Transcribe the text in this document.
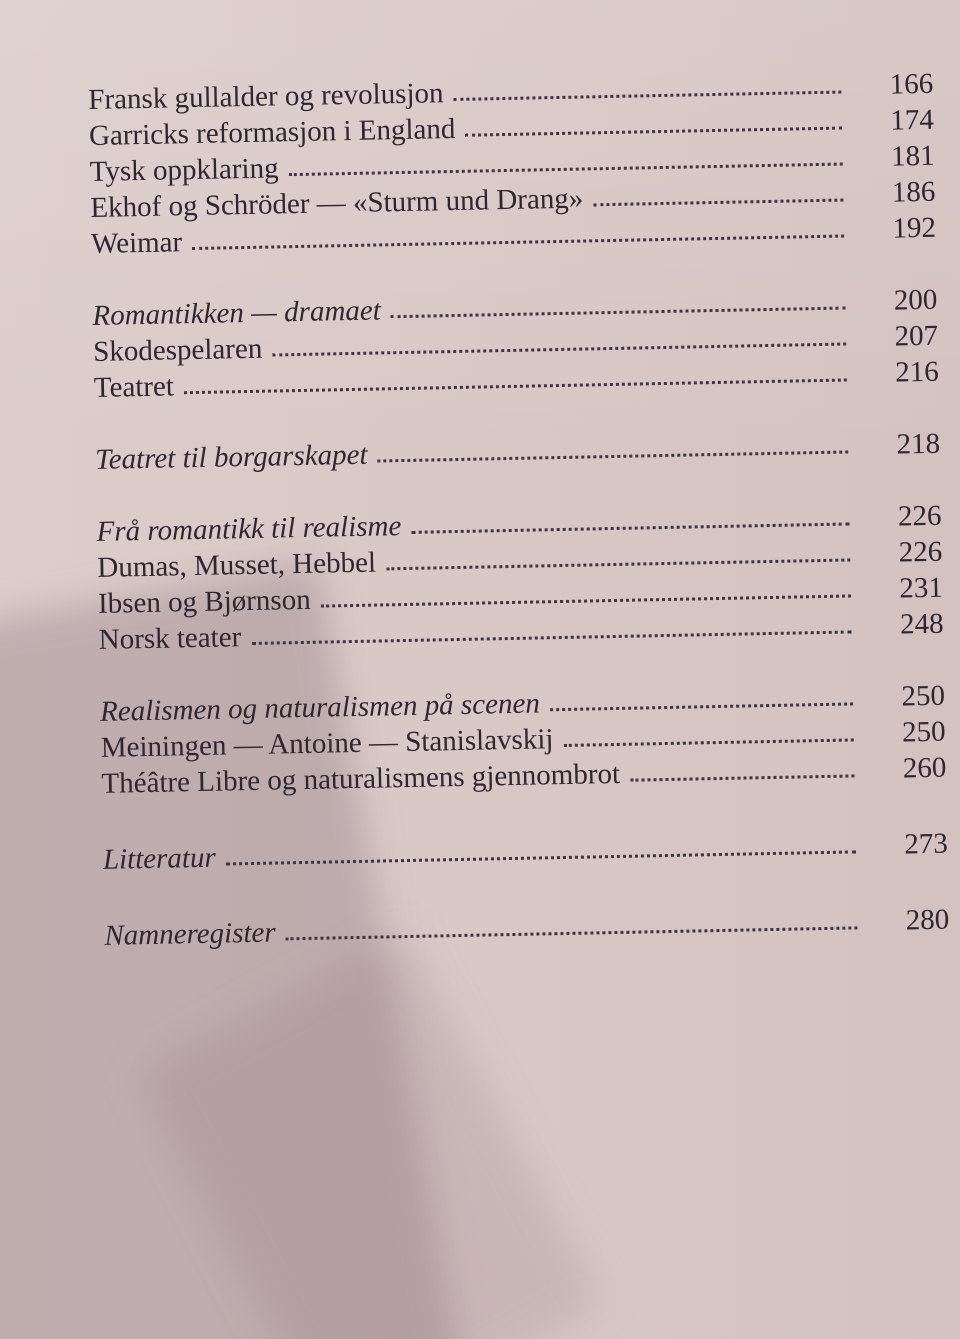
Fransk gullalder og revolusjon	166
Garricks reformasjon i England	174
Tysk oppklaring	181
Ekhof og Schröder — «Sturm und Drang»	186
Weimar	192
Romantikken — dramaet	200
Skodespelaren	207
Teatret	216
Teatret til borgarskapet	218
Frå romantikk til realisme	226
Dumas, Musset, Hebbel	226
Ibsen og Bjørnson	231
Norsk teater	248
Realismen og naturalismen på scenen	250
Meiningen — Antoine — Stanislavskij	250
Théâtre Libre og naturalismens gjennombrot	260
Litteratur	273
Namneregister	280
